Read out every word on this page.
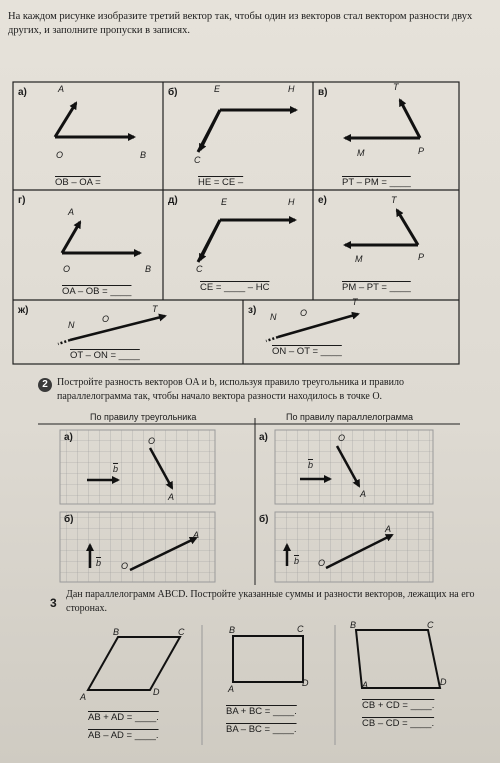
На каждом рисунке изобразите третий вектор так, чтобы один из векторов стал вектором разности двух других, и заполните пропуски в записях.
а)	б)	в)
г)	д)	е)
ж)	з)
A
O	B
E	H
C
T
M	P
A
O	B
E	H
C
T
M	P
N
O
T
N	O
T
OB – OA =	HE = CE –	PT – PM = ____
OA – OB = ____	CE = ____ – HC	PM – PT = ____
OT – ON = ____	ON – OT = ____
2 Постройте разность векторов OA и b, используя правило треугольника и правило параллелограмма так, чтобы начало вектора разности находилось в точке O.
По правилу треугольника	По правилу параллелограмма
а)	а)
б)	б)
O	O
A	A
$\overline{b}$	$\overline{b}$
$\overline{b}$	$\overline{b}$
O	O
A
A
3
Дан параллелограмм ABCD. Постройте указанные суммы и разности векторов, лежащих на его сторонах.
B	C
A	D
B	C
A
D
B	C
A	D
AB + AD = ____.
AB – AD = ____.
BA + BC = ____.
BA – BC = ____.
CB + CD = ____.
CB – CD = ____.
